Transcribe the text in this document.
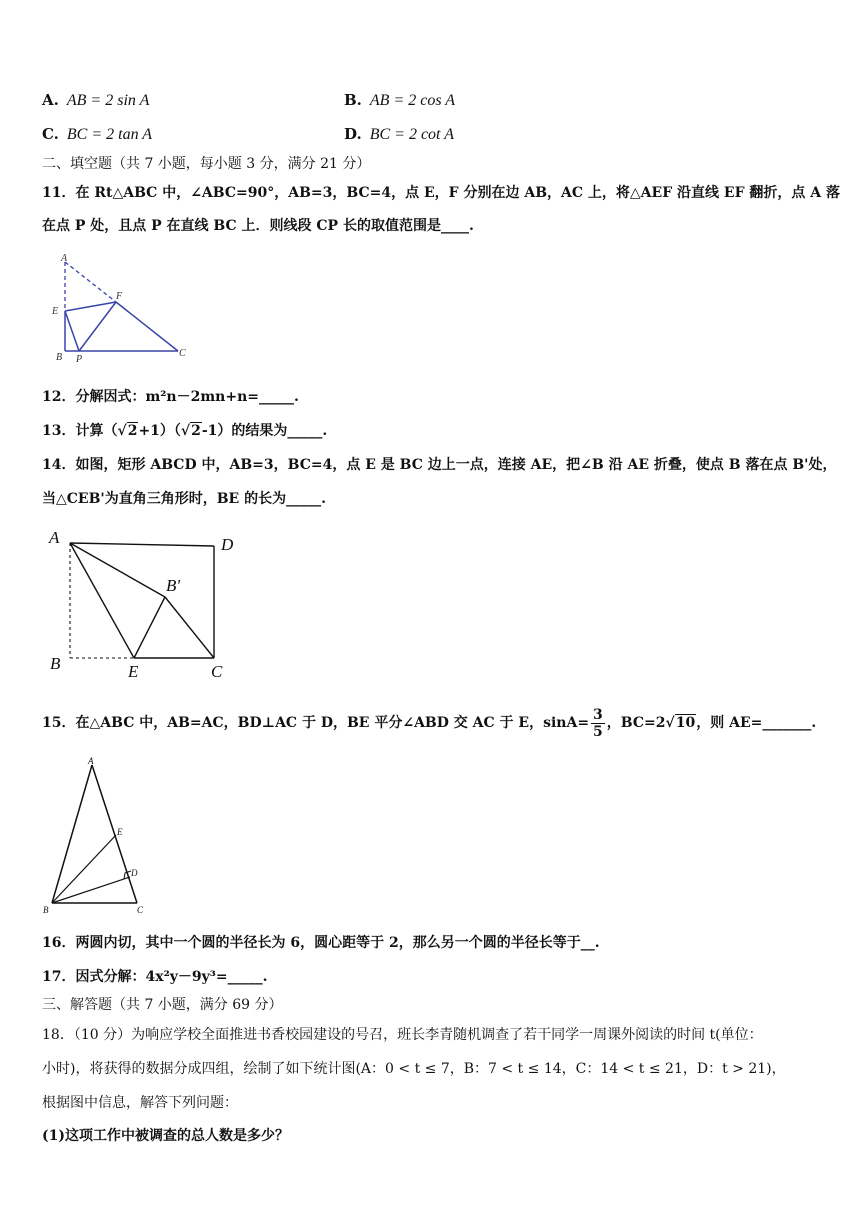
A. AB = 2 sin A	B. AB = 2 cos A
C. BC = 2 tan A	D. BC = 2 cot A
二、填空题（共 7 小题，每小题 3 分，满分 21 分）
11．在 Rt△ABC 中，∠ABC=90°，AB=3，BC=4，点 E，F 分别在边 AB，AC 上，将△AEF 沿直线 EF 翻折，点 A 落
在点 P 处，且点 P 在直线 BC 上．则线段 CP 长的取值范围是____.
A
E
F
B P
C
12．分解因式：m²n－2mn+n=_____.
13．计算（√2+1）（√2-1）的结果为_____.
14．如图，矩形 ABCD 中，AB=3，BC=4，点 E 是 BC 边上一点，连接 AE，把∠B 沿 AE 折叠，使点 B 落在点 B'处，
当△CEB'为直角三角形时，BE 的长为_____.
A	D
B'
B	E	C
15．在△ABC 中，AB=AC，BD⊥AC 于 D，BE 平分∠ABD 交 AC 于 E，$\sin A= \frac{3}{5}$ ，BC=2√10，则 AE=_______.
A
E
D
B	C
16．两圆内切，其中一个圆的半径长为 6，圆心距等于 2，那么另一个圆的半径长等于__.
17．因式分解：4x²y－9y³=_____.
三、解答题（共 7 小题，满分 69 分）
18．（10 分）为响应学校全面推进书香校园建设的号召，班长李青随机调查了若干同学一周课外阅读的时间 t(单位：
小时)，将获得的数据分成四组，绘制了如下统计图(A：0 < t ≤ 7，B：7 < t ≤ 14，C：14 < t ≤ 21，D：t > 21)，
根据图中信息，解答下列问题：
(1)这项工作中被调查的总人数是多少？
